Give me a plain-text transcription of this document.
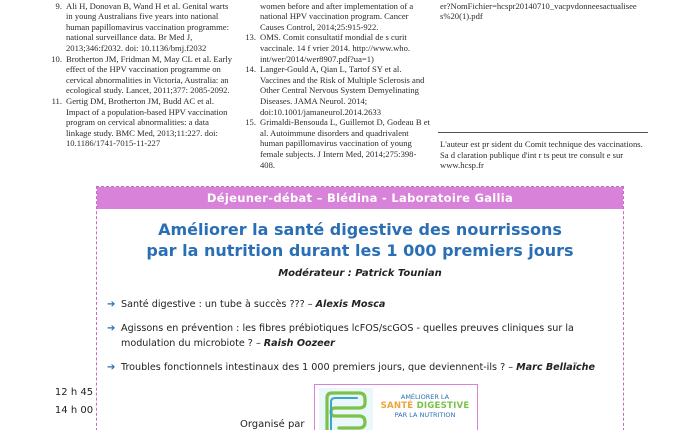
9. Ali H, Donovan B, Wand H et al. Genital warts in young Australians five years into national human papillomavirus vaccination programme: national surveillance data. Br Med J, 2013;346:f2032. doi: 10.1136/bmj.f2032

10. Brotherton JM, Fridman M, May CL et al. Early effect of the HPV vaccination programme on cervical abnormalities in Victoria, Australia: an ecological study. Lancet, 2011;377: 2085-2092.

11. Gertig DM, Brotherton JM, Budd AC et al. Impact of a population-based HPV vaccination program on cervical abnormalities: a data linkage study. BMC Med, 2013;11:227. doi: 10.1186/1741-7015-11-227

women before and after implementation of a national HPV vaccination program. Cancer Causes Control, 2014;25:915-922.

13. OMS. Comit consultatif mondial de s curit vaccinale. 14 f vrier 2014. http://www.who. int/wer/2014/wer8907.pdf?ua=1)

14. Langer-Gould A, Qian L, Tartof SY et al. Vaccines and the Risk of Multiple Sclerosis and Other Central Nervous System Demyelinating Diseases. JAMA Neurol. 2014; doi:10.1001/jamaneurol.2014.2633

15. Grimaldi-Bensouda L, Guillemot D, Godeau B et al. Autoimmune disorders and quadrivalent human papillomavirus vaccination of young female subjects. J Intern Med, 2014;275:398- 408.

er?NomFichier=hcspr20140710_vacpvdonneesactualisees%20(1).pdf

L'auteur est pr sident du Comit technique des vaccinations. Sa d claration publique d'int r ts peut tre consult e sur www.hcsp.fr

Déjeuner-débat – Blédina - Laboratoire Gallia

Améliorer la santé digestive des nourrissons
par la nutrition durant les 1 000 premiers jours

Modérateur : Patrick Tounian

➔ Santé digestive : un tube à succès ??? – Alexis Mosca
➔ Agissons en prévention : les fibres prébiotiques lcFOS/scGOS - quelles preuves cliniques sur la modulation du microbiote ? – Raish Oozeer
➔ Troubles fonctionnels intestinaux des 1 000 premiers jours, que deviennent-ils ? – Marc Bellaïche

12 h 45
14 h 00

Organisé par

AMÉLIORER LA
SANTÉ DIGESTIVE
PAR LA NUTRITION
